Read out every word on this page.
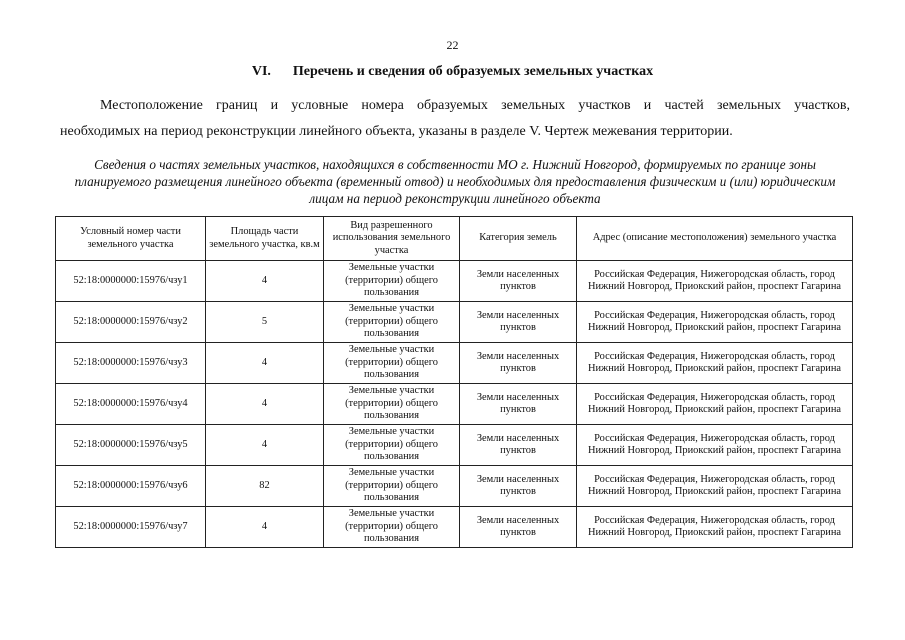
22
VI. Перечень и сведения об образуемых земельных участках
Местоположение границ и условные номера образуемых земельных участков и частей земельных участков,
необходимых на период реконструкции линейного объекта, указаны в разделе V. Чертеж межевания территории.
Сведения о частях земельных участков, находящихся в собственности МО г. Нижний Новгород, формируемых по границе зоны планируемого размещения линейного объекта (временный отвод) и необходимых для предоставления физическим и (или) юридическим лицам на период реконструкции линейного объекта
Условный номер части земельного участка	Площадь части земельного участка, кв.м	Вид разрешенного использования земельного участка	Категория земель	Адрес (описание местоположения) земельного участка
52:18:0000000:15976/чзу1	4	Земельные участки (территории) общего пользования	Земли населенных пунктов	Российская Федерация, Нижегородская область, город Нижний Новгород, Приокский район, проспект Гагарина
52:18:0000000:15976/чзу2	5	Земельные участки (территории) общего пользования	Земли населенных пунктов	Российская Федерация, Нижегородская область, город Нижний Новгород, Приокский район, проспект Гагарина
52:18:0000000:15976/чзу3	4	Земельные участки (территории) общего пользования	Земли населенных пунктов	Российская Федерация, Нижегородская область, город Нижний Новгород, Приокский район, проспект Гагарина
52:18:0000000:15976/чзу4	4	Земельные участки (территории) общего пользования	Земли населенных пунктов	Российская Федерация, Нижегородская область, город Нижний Новгород, Приокский район, проспект Гагарина
52:18:0000000:15976/чзу5	4	Земельные участки (территории) общего пользования	Земли населенных пунктов	Российская Федерация, Нижегородская область, город Нижний Новгород, Приокский район, проспект Гагарина
52:18:0000000:15976/чзу6	82	Земельные участки (территории) общего пользования	Земли населенных пунктов	Российская Федерация, Нижегородская область, город Нижний Новгород, Приокский район, проспект Гагарина
52:18:0000000:15976/чзу7	4	Земельные участки (территории) общего пользования	Земли населенных пунктов	Российская Федерация, Нижегородская область, город Нижний Новгород, Приокский район, проспект Гагарина
